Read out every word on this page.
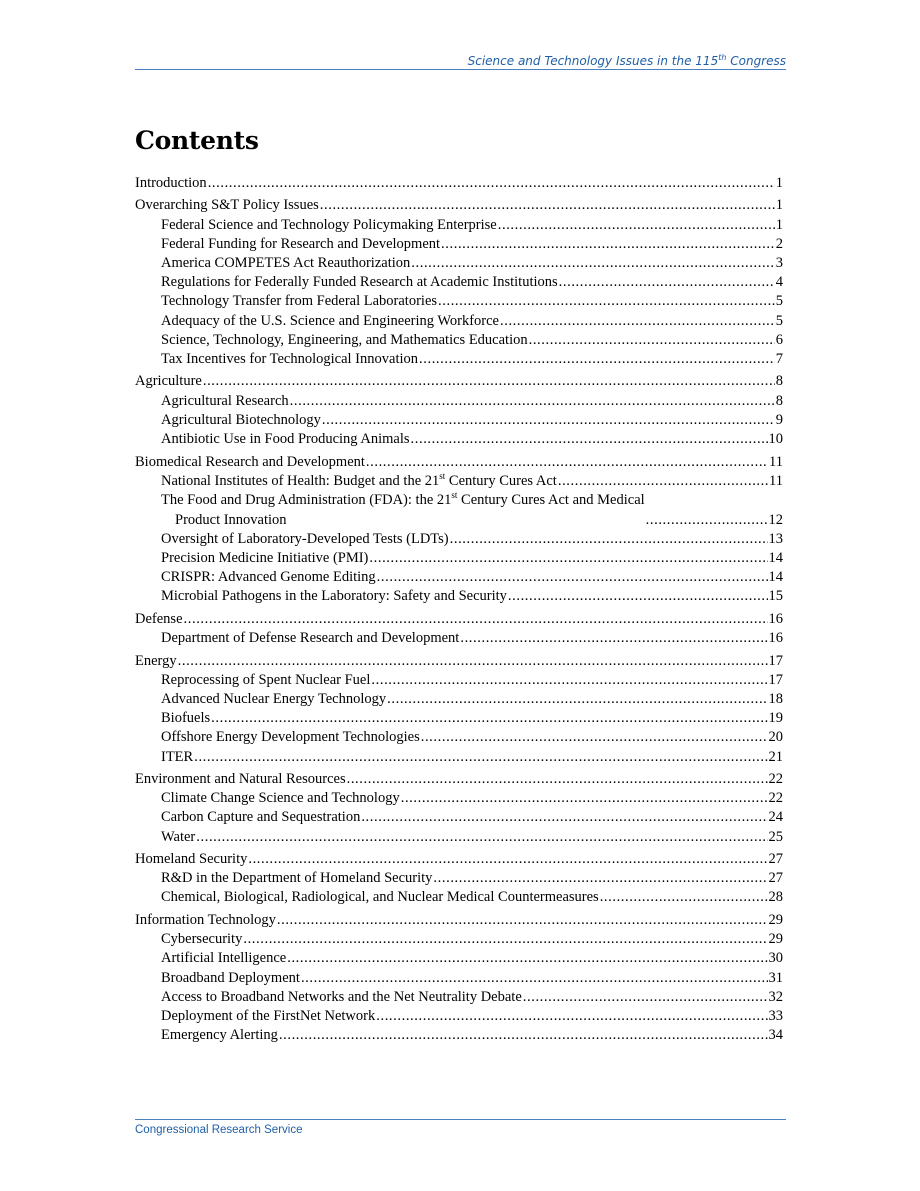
Science and Technology Issues in the 115th Congress
Contents
Introduction .....	1
Overarching S&T Policy Issues .....	1
Federal Science and Technology Policymaking Enterprise .....	1
Federal Funding for Research and Development .....	2
America COMPETES Act Reauthorization .....	3
Regulations for Federally Funded Research at Academic Institutions .....	4
Technology Transfer from Federal Laboratories .....	5
Adequacy of the U.S. Science and Engineering Workforce .....	5
Science, Technology, Engineering, and Mathematics Education .....	6
Tax Incentives for Technological Innovation .....	7
Agriculture .....	8
Agricultural Research .....	8
Agricultural Biotechnology .....	9
Antibiotic Use in Food Producing Animals .....	10
Biomedical Research and Development .....	11
National Institutes of Health: Budget and the 21st Century Cures Act .....	11
The Food and Drug Administration (FDA): the 21st Century Cures Act and Medical
Product Innovation .....	12
Oversight of Laboratory-Developed Tests (LDTs) .....	13
Precision Medicine Initiative (PMI) .....	14
CRISPR: Advanced Genome Editing .....	14
Microbial Pathogens in the Laboratory: Safety and Security .....	15
Defense .....	16
Department of Defense Research and Development .....	16
Energy .....	17
Reprocessing of Spent Nuclear Fuel .....	17
Advanced Nuclear Energy Technology .....	18
Biofuels .....	19
Offshore Energy Development Technologies .....	20
ITER .....	21
Environment and Natural Resources .....	22
Climate Change Science and Technology .....	22
Carbon Capture and Sequestration .....	24
Water .....	25
Homeland Security .....	27
R&D in the Department of Homeland Security .....	27
Chemical, Biological, Radiological, and Nuclear Medical Countermeasures .....	28
Information Technology .....	29
Cybersecurity .....	29
Artificial Intelligence .....	30
Broadband Deployment .....	31
Access to Broadband Networks and the Net Neutrality Debate .....	32
Deployment of the FirstNet Network .....	33
Emergency Alerting .....	34
Congressional Research Service
